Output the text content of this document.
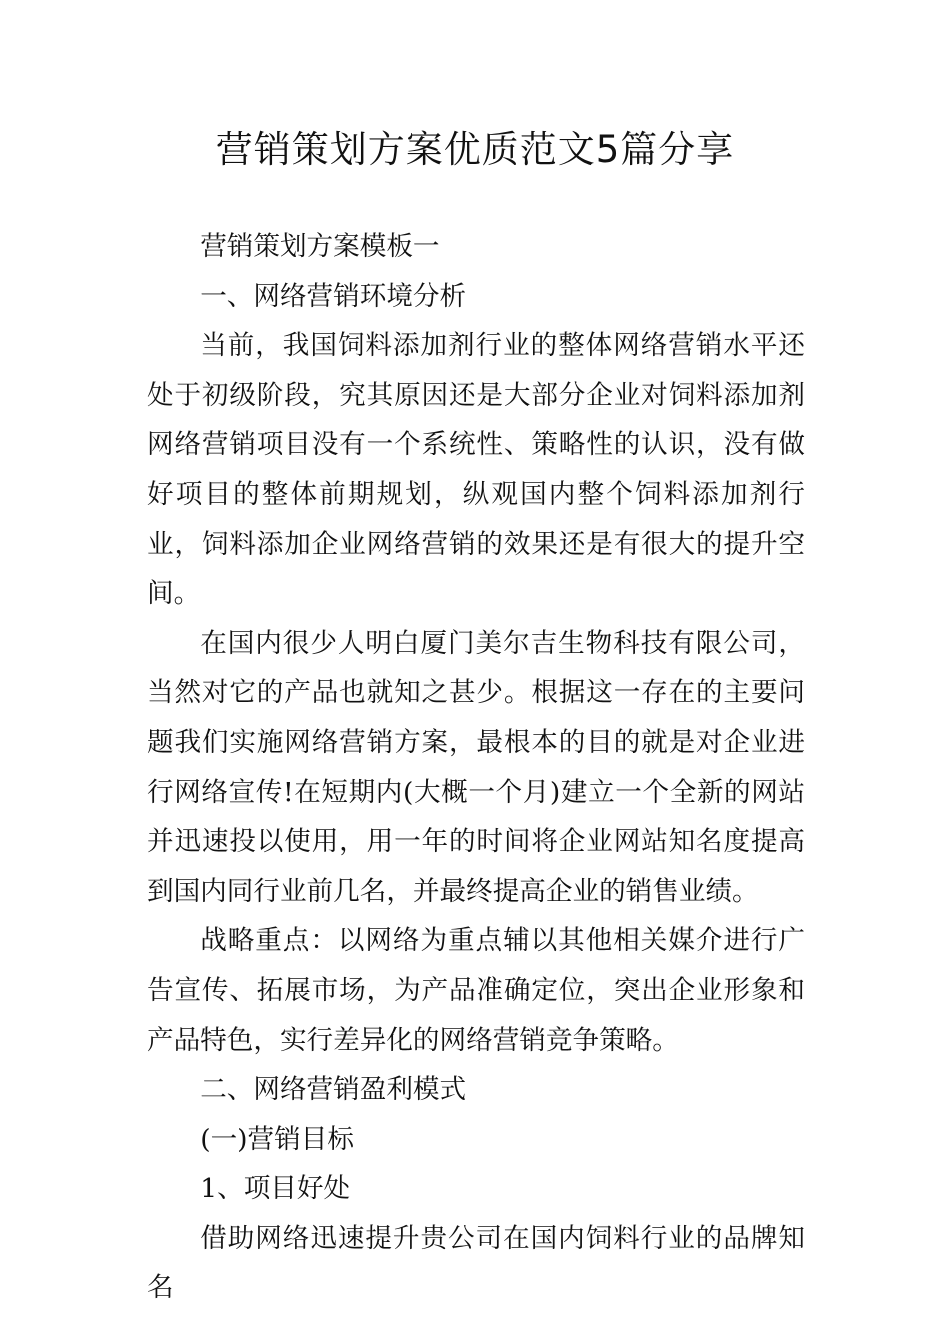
营销策划方案优质范文5篇分享

营销策划方案模板一

一、网络营销环境分析

当前，我国饲料添加剂行业的整体网络营销水平还处于初级阶段，究其原因还是大部分企业对饲料添加剂网络营销项目没有一个系统性、策略性的认识，没有做好项目的整体前期规划，纵观国内整个饲料添加剂行业，饲料添加企业网络营销的效果还是有很大的提升空间。

在国内很少人明白厦门美尔吉生物科技有限公司，当然对它的产品也就知之甚少。根据这一存在的主要问题我们实施网络营销方案，最根本的目的就是对企业进行网络宣传!在短期内(大概一个月)建立一个全新的网站并迅速投以使用，用一年的时间将企业网站知名度提高到国内同行业前几名，并最终提高企业的销售业绩。

战略重点：以网络为重点辅以其他相关媒介进行广告宣传、拓展市场，为产品准确定位，突出企业形象和产品特色，实行差异化的网络营销竞争策略。

二、网络营销盈利模式

(一)营销目标

1、项目好处

借助网络迅速提升贵公司在国内饲料行业的品牌知名
